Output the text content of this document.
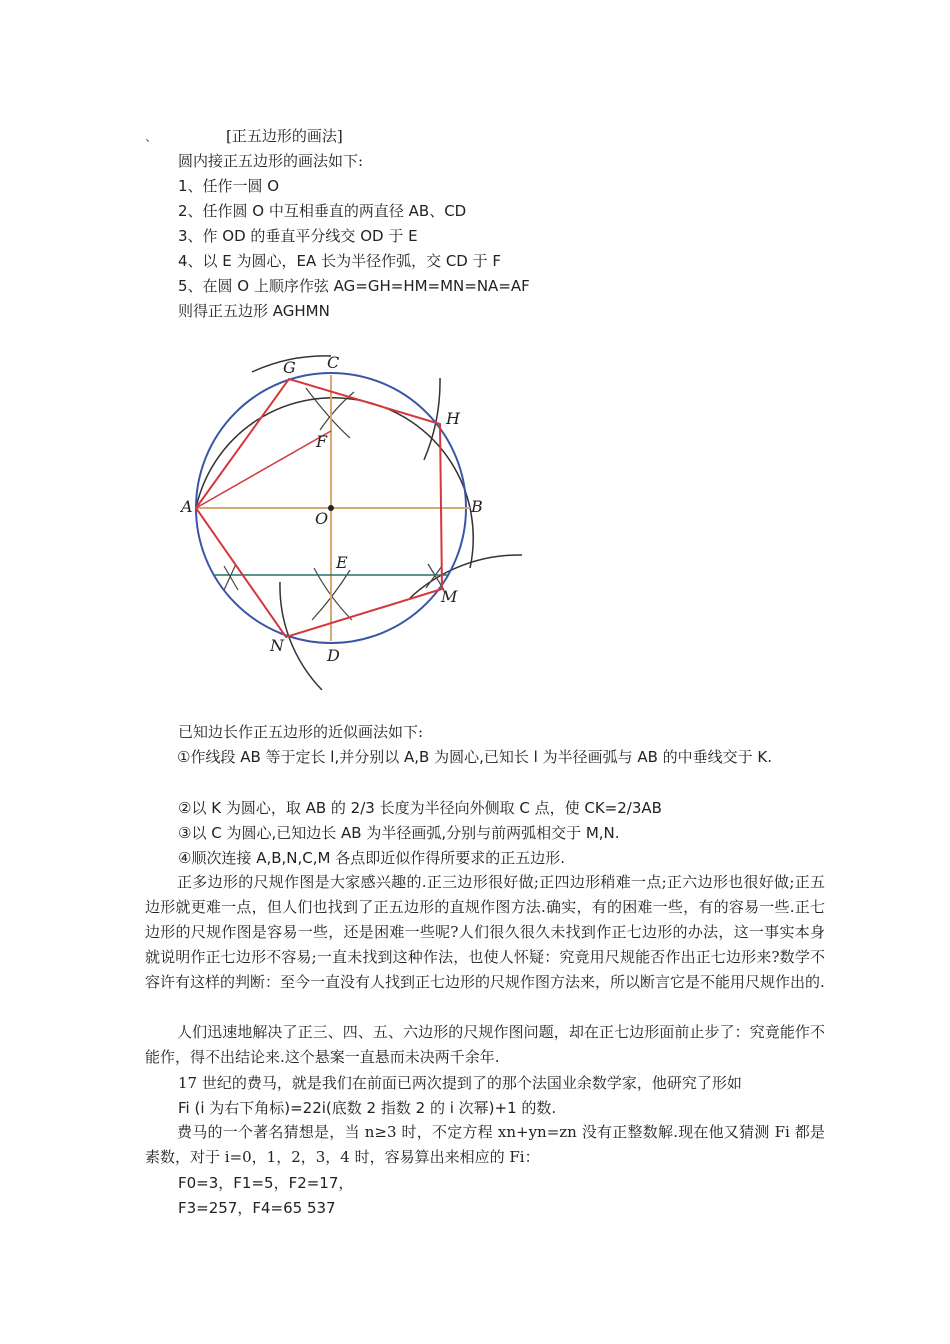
、	[正五边形的画法]
圆内接正五边形的画法如下:
1、任作一圆 O
2、任作圆 O 中互相垂直的两直径 AB、CD
3、作 OD 的垂直平分线交 OD 于 E
4、以 E 为圆心，EA 长为半径作弧，交 CD 于 F
5、在圆 O 上顺序作弦 AG=GH=HM=MN=NA=AF
则得正五边形 AGHMN
G C
H
F
A
O
B
E
M
N
D
已知边长作正五边形的近似画法如下:
①作线段 AB 等于定长 l,并分别以 A,B 为圆心,已知长 l 为半径画弧与 AB 的中垂线交于 K.
②以 K 为圆心，取 AB 的 2/3 长度为半径向外侧取 C 点，使 CK=2/3AB
③以 C 为圆心,已知边长 AB 为半径画弧,分别与前两弧相交于 M,N.
④顺次连接 A,B,N,C,M 各点即近似作得所要求的正五边形.
正多边形的尺规作图是大家感兴趣的.正三边形很好做;正四边形稍难一点;正六边形也很好做;正五边形就更难一点，但人们也找到了正五边形的直规作图方法.确实，有的困难一些，有的容易一些.正七边形的尺规作图是容易一些，还是困难一些呢?人们很久很久未找到作正七边形的办法，这一事实本身就说明作正七边形不容易;一直未找到这种作法，也使人怀疑：究竟用尺规能否作出正七边形来?数学不容许有这样的判断：至今一直没有人找到正七边形的尺规作图方法来，所以断言它是不能用尺规作出的.
人们迅速地解决了正三、四、五、六边形的尺规作图问题，却在正七边形面前止步了：究竟能作不能作，得不出结论来.这个悬案一直悬而未决两千余年.
17 世纪的费马，就是我们在前面已两次提到了的那个法国业余数学家，他研究了形如
Fi (i 为右下角标)=22i(底数 2 指数 2 的 i 次幂)+1 的数.
费马的一个著名猜想是，当 n≥3 时，不定方程 xn+yn=zn 没有正整数解.现在他又猜测 Fi 都是素数，对于 i=0，1，2，3，4 时，容易算出来相应的 Fi：
F0=3，F1=5，F2=17，
F3=257，F4=65 537
